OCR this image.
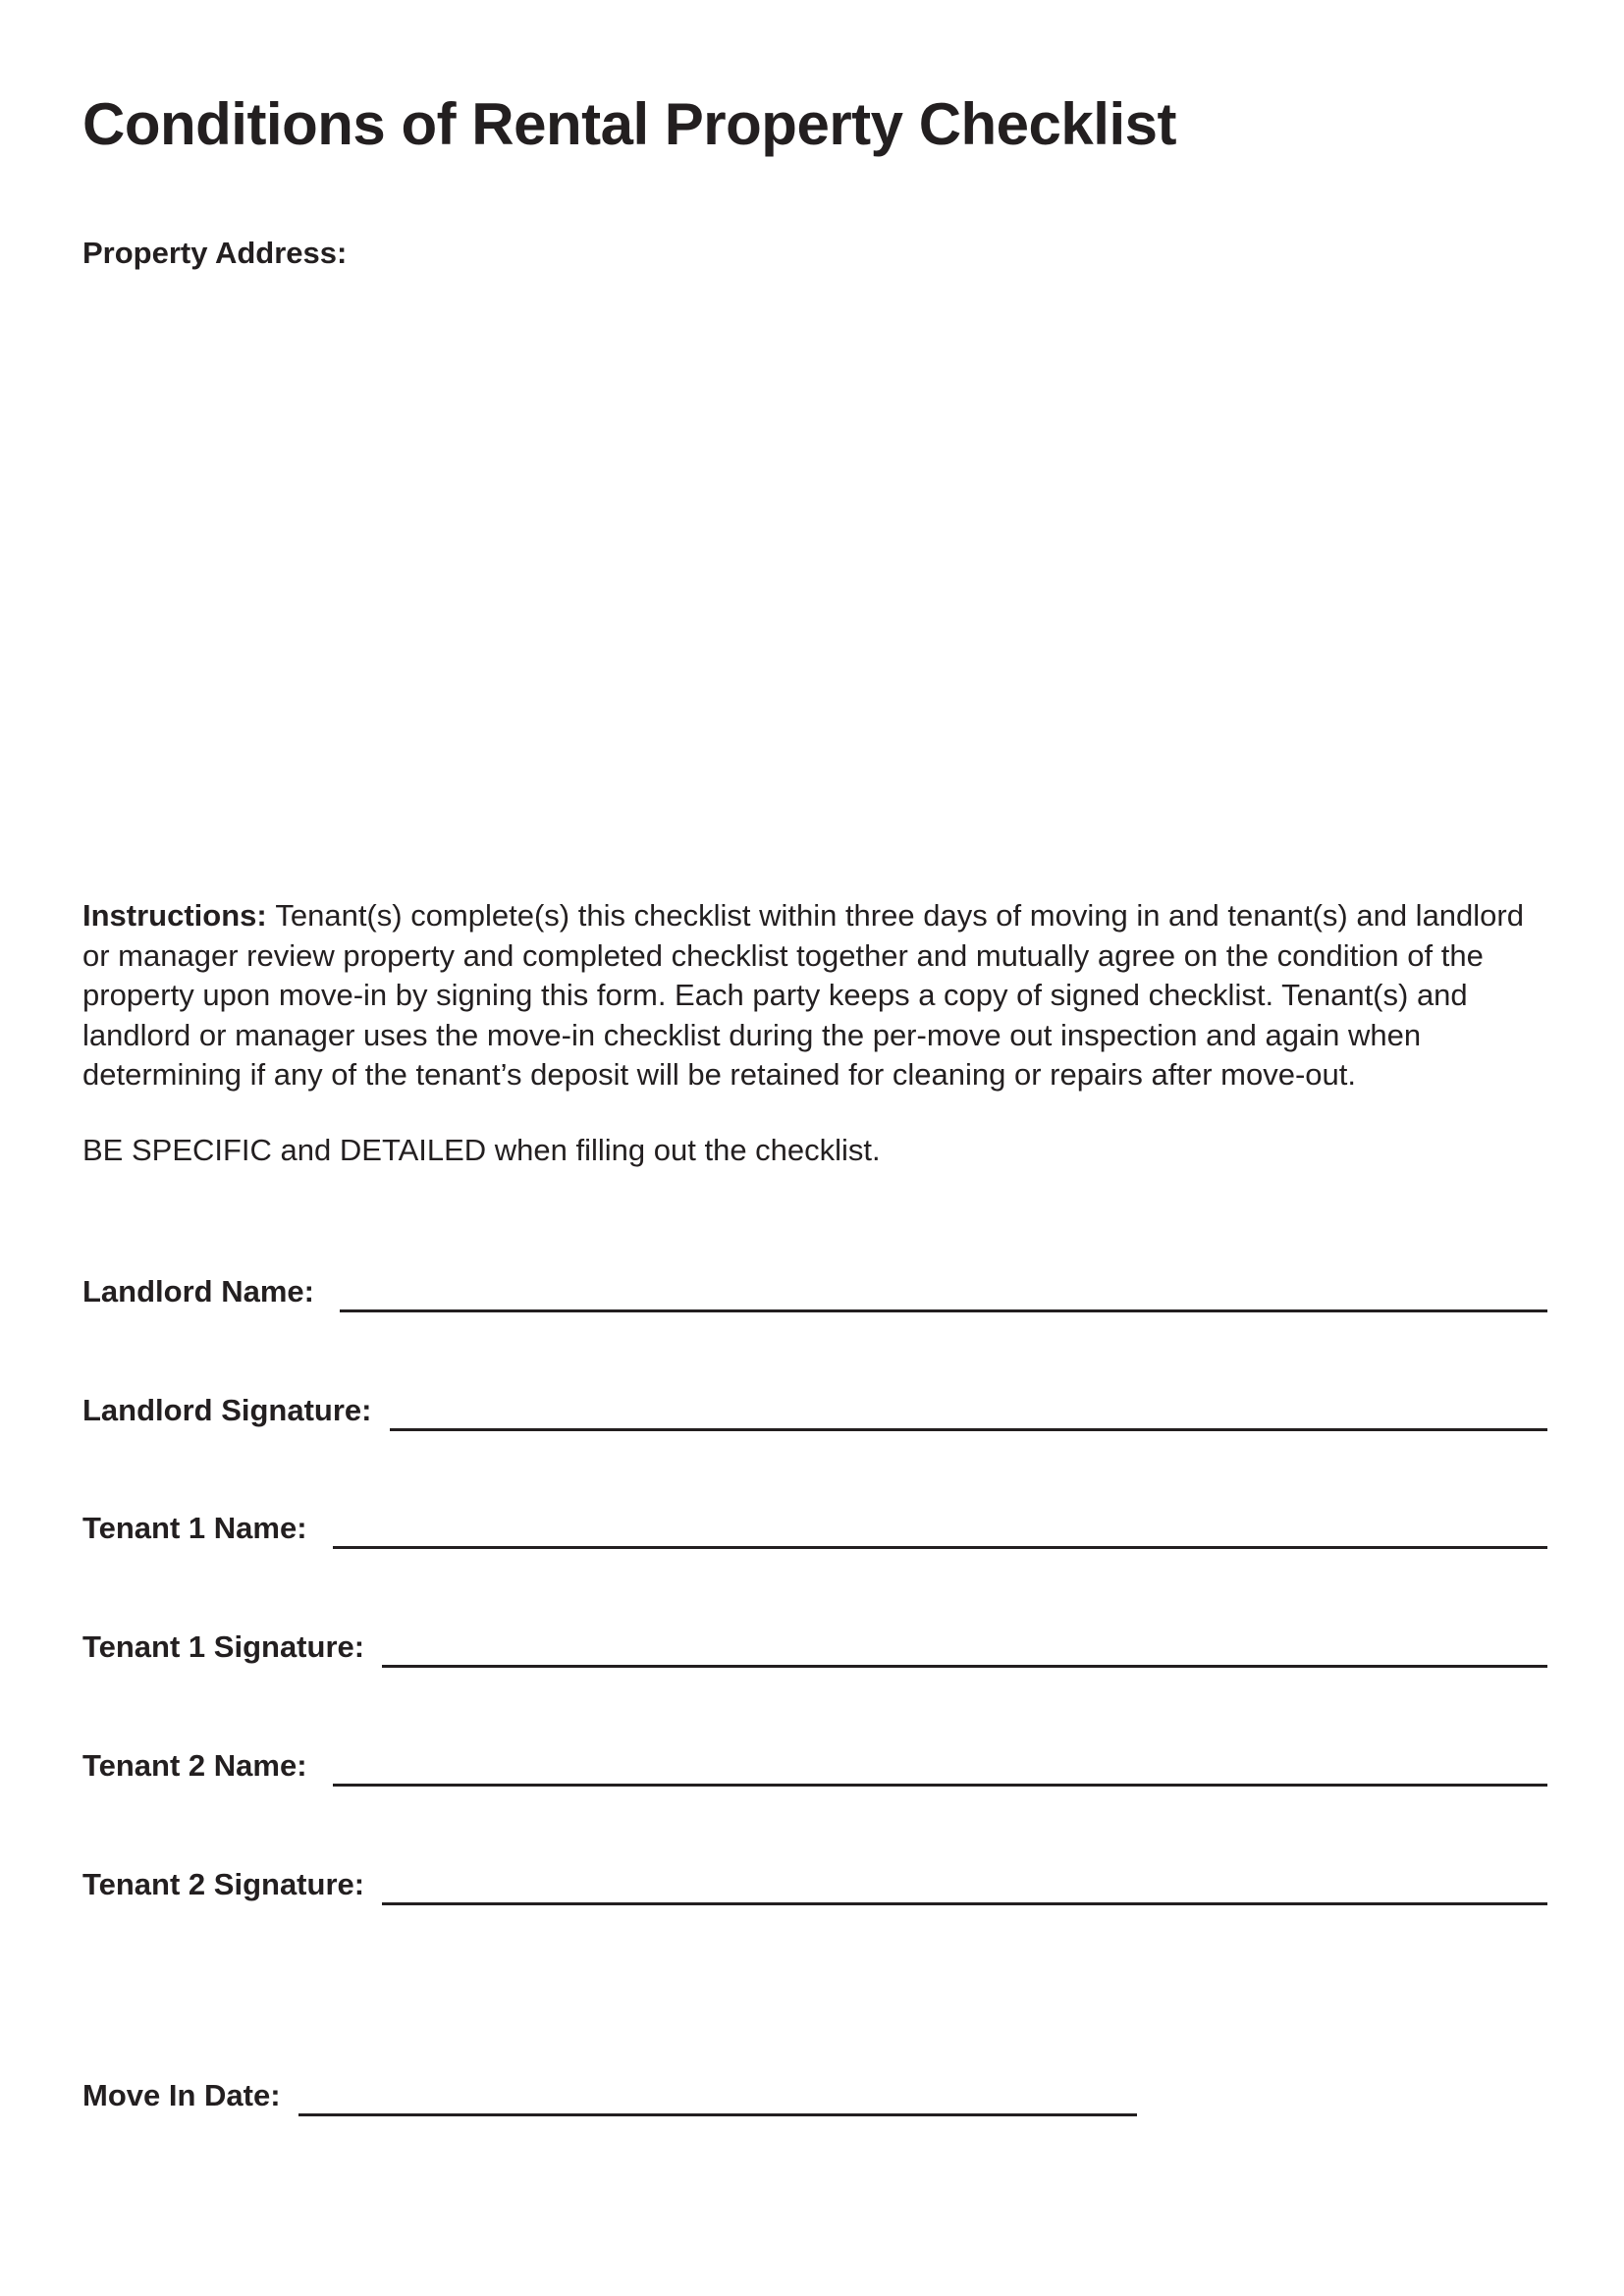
Conditions of Rental Property Checklist
Property Address:

Instructions: Tenant(s) complete(s) this checklist within three days of moving in and tenant(s) and landlord or manager review property and completed checklist together and mutually agree on the condition of the property upon move-in by signing this form. Each party keeps a copy of signed checklist. Tenant(s) and landlord or manager uses the move-in checklist during the per-move out inspection and again when determining if any of the tenant’s deposit will be retained for cleaning or repairs after move-out.

BE SPECIFIC and DETAILED when filling out the checklist.

Landlord Name:
Landlord Signature:
Tenant 1 Name:
Tenant 1 Signature:
Tenant 2 Name:
Tenant 2 Signature:
Move In Date:
